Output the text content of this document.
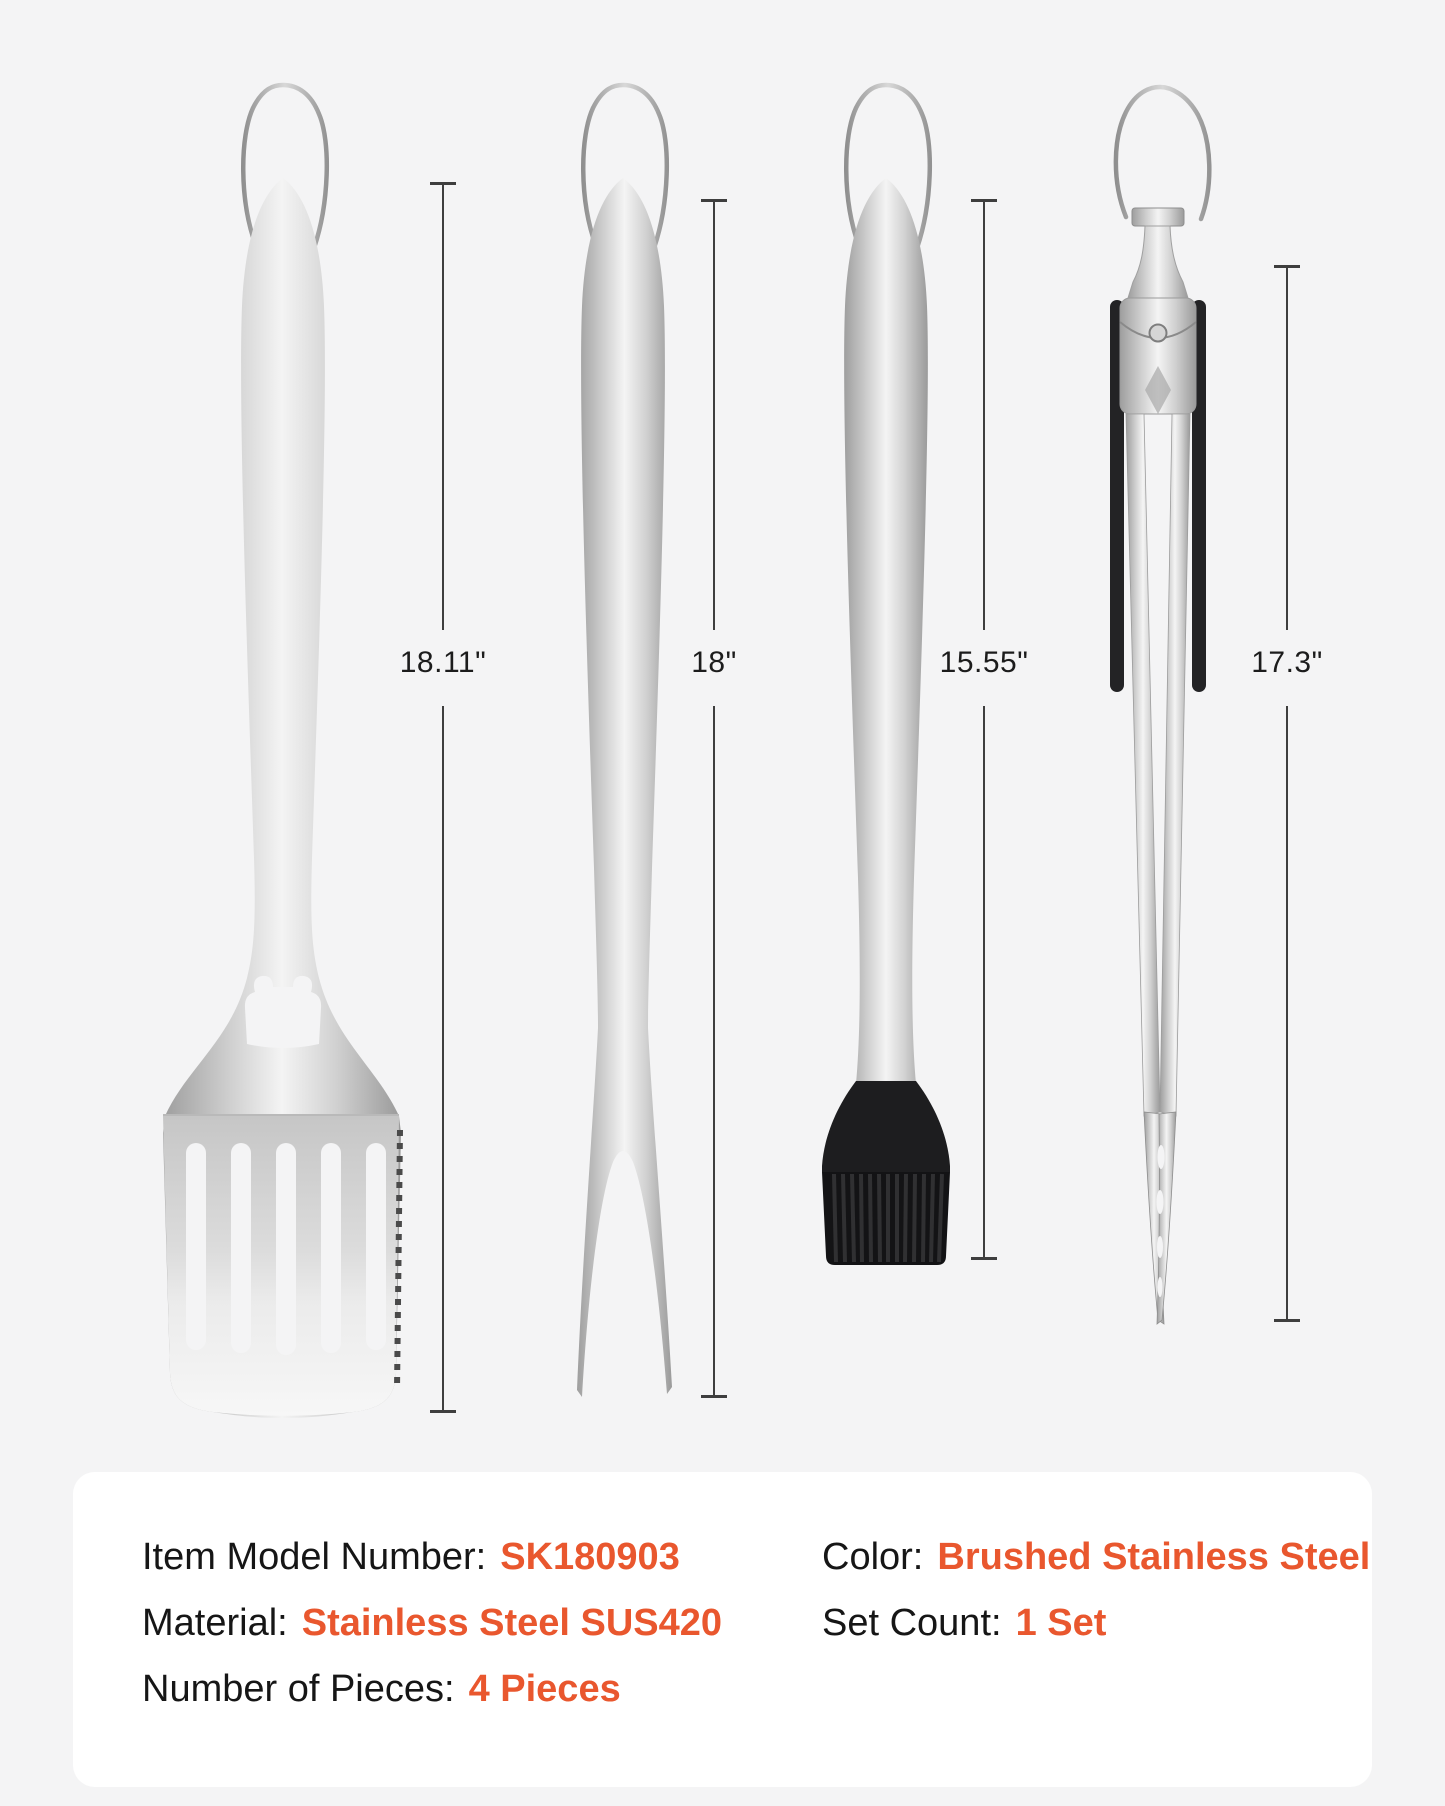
18.11"	18"	15.55"	17.3"
Item Model Number: SK180903
Material: Stainless Steel SUS420
Number of Pieces: 4 Pieces
Color: Brushed Stainless Steel
Set Count: 1 Set
